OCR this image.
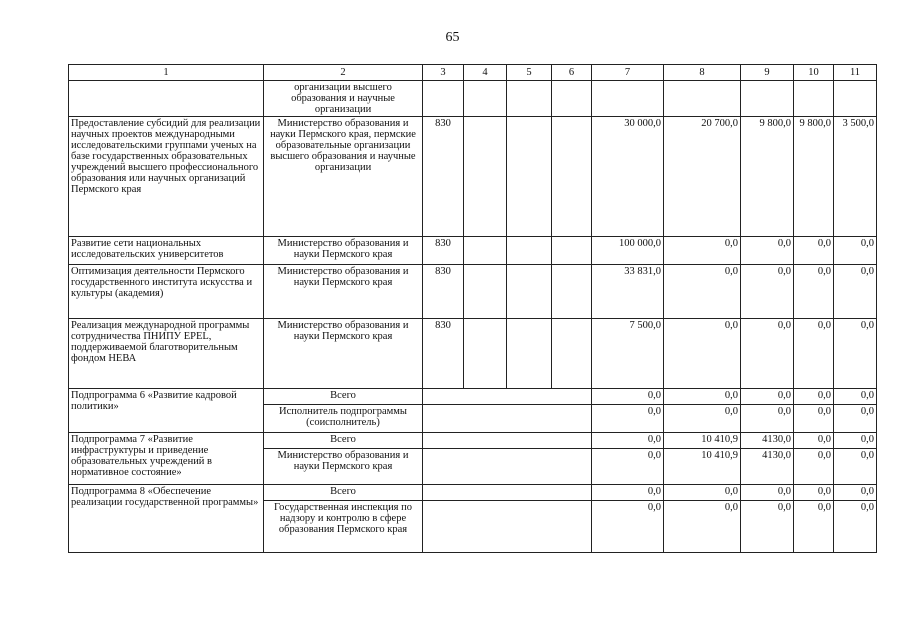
65
1	2	3	4	5	6	7	8	9	10	11
	организации высшего образования и научные организации									
Предоставление субсидий для реализации научных проектов международными исследовательскими группами ученых на базе государственных образовательных учреждений высшего профессионального образования или научных организаций Пермского края	Министерство образования и науки Пермского края, пермские образовательные организации высшего образования и научные организации	830				30 000,0	20 700,0	9 800,0	9 800,0	3 500,0
Развитие сети национальных исследовательских университетов	Министерство образования и науки Пермского края	830				100 000,0	0,0	0,0	0,0	0,0
Оптимизация деятельности Пермского государственного института искусства и культуры (академия)	Министерство образования и науки Пермского края	830				33 831,0	0,0	0,0	0,0	0,0
Реализация международной программы сотрудничества ПНИПУ EPEL, поддерживаемой благотворительным фондом НЕВА	Министерство образования и науки Пермского края	830				7 500,0	0,0	0,0	0,0	0,0
Подпрограмма 6 «Развитие кадровой политики»	Всего					0,0	0,0	0,0	0,0	0,0
	Исполнитель подпрограммы (соисполнитель)					0,0	0,0	0,0	0,0	0,0
Подпрограмма 7 «Развитие инфраструктуры и приведение образовательных учреждений в нормативное состояние»	Всего					0,0	10 410,9	4130,0	0,0	0,0
	Министерство образования и науки Пермского края					0,0	10 410,9	4130,0	0,0	0,0
Подпрограмма 8 «Обеспечение реализации государственной программы»	Всего					0,0	0,0	0,0	0,0	0,0
	Государственная инспекция по надзору и контролю в сфере образования Пермского края					0,0	0,0	0,0	0,0	0,0
